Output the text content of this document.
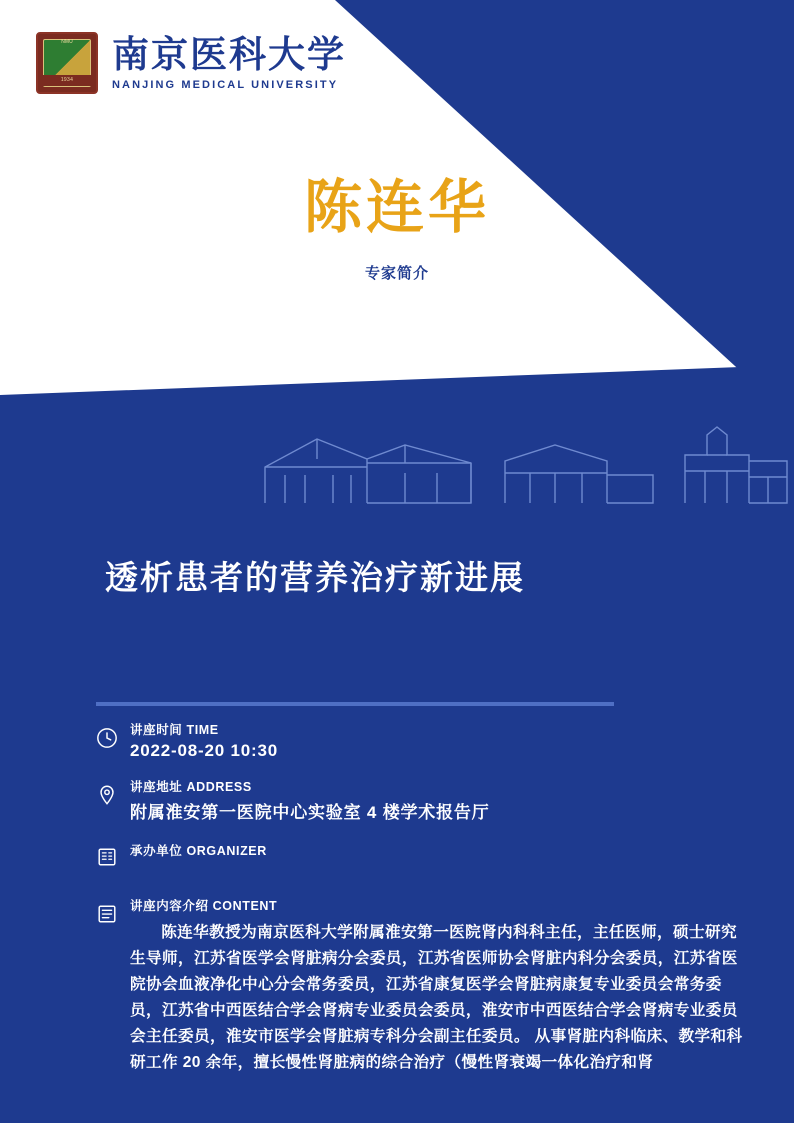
NMU
1934
南京医科大学
NANJING MEDICAL UNIVERSITY
陈连华
专家简介
透析患者的营养治疗新进展
讲座时间 TIME
2022-08-20 10:30
讲座地址 ADDRESS
附属淮安第一医院中心实验室 4 楼学术报告厅
承办单位 ORGANIZER
讲座内容介绍 CONTENT
陈连华教授为南京医科大学附属淮安第一医院肾内科科主任，主任医师，硕士研究生导师，江苏省医学会肾脏病分会委员，江苏省医师协会肾脏内科分会委员，江苏省医院协会血液净化中心分会常务委员，江苏省康复医学会肾脏病康复专业委员会常务委员，江苏省中西医结合学会肾病专业委员会委员，淮安市中西医结合学会肾病专业委员会主任委员，淮安市医学会肾脏病专科分会副主任委员。 从事肾脏内科临床、教学和科研工作 20 余年，擅长慢性肾脏病的综合治疗（慢性肾衰竭一体化治疗和肾
